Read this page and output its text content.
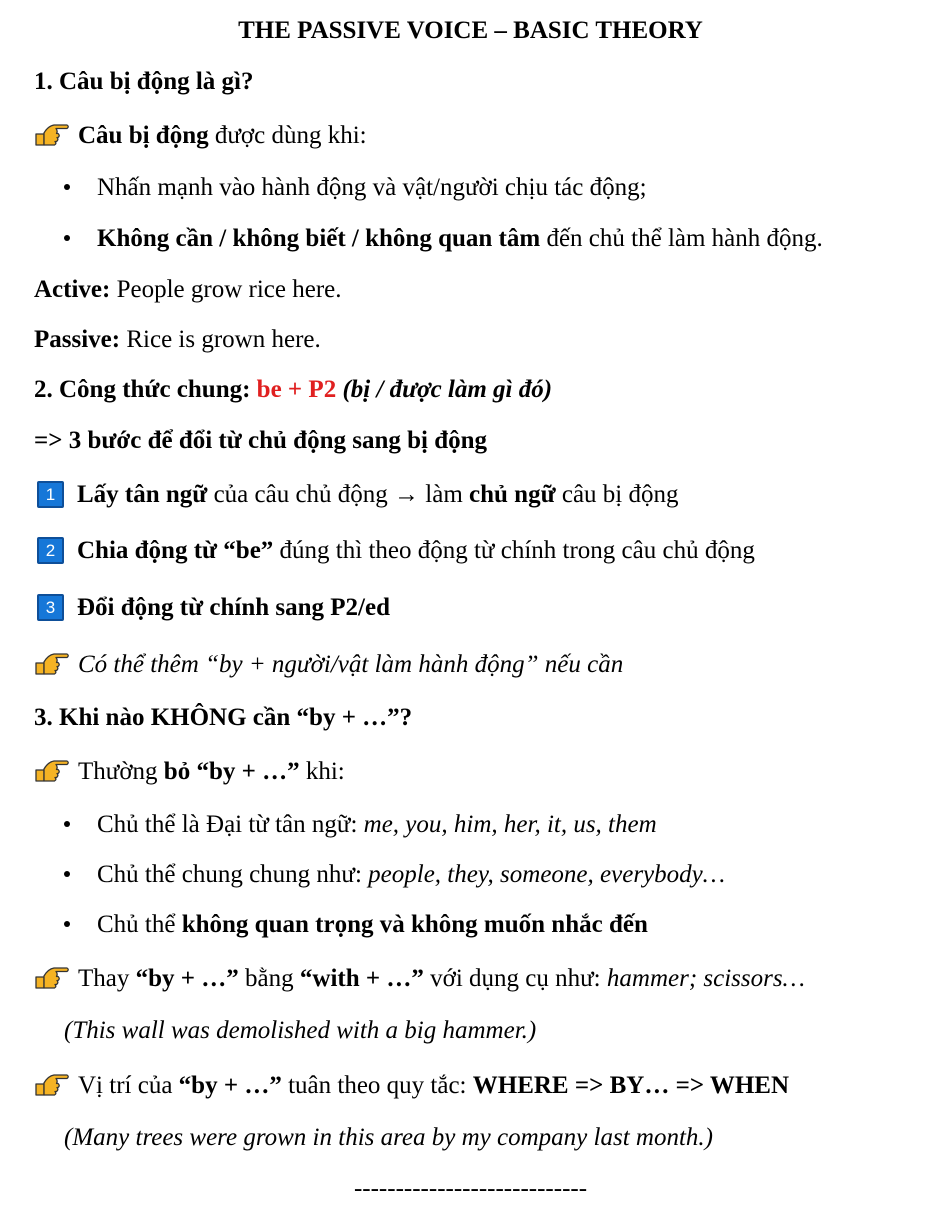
THE PASSIVE VOICE – BASIC THEORY
1. Câu bị động là gì?
Câu bị động được dùng khi:
Nhấn mạnh vào hành động và vật/người chịu tác động;
Không cần / không biết / không quan tâm đến chủ thể làm hành động.
Active: People grow rice here.
Passive: Rice is grown here.
2. Công thức chung: be + P2 (bị / được làm gì đó)
=> 3 bước để đổi từ chủ động sang bị động
1 Lấy tân ngữ của câu chủ động → làm chủ ngữ câu bị động
2 Chia động từ “be” đúng thì theo động từ chính trong câu chủ động
3 Đổi động từ chính sang P2/ed
Có thể thêm “by + người/vật làm hành động” nếu cần
3. Khi nào KHÔNG cần “by + …”?
Thường bỏ “by + …” khi:
Chủ thể là Đại từ tân ngữ: me, you, him, her, it, us, them
Chủ thể chung chung như: people, they, someone, everybody…
Chủ thể không quan trọng và không muốn nhắc đến
Thay “by + …” bằng “with + …” với dụng cụ như: hammer; scissors…
(This wall was demolished with a big hammer.)
Vị trí của “by + …” tuân theo quy tắc: WHERE => BY… => WHEN
(Many trees were grown in this area by my company last month.)
----------------------------
